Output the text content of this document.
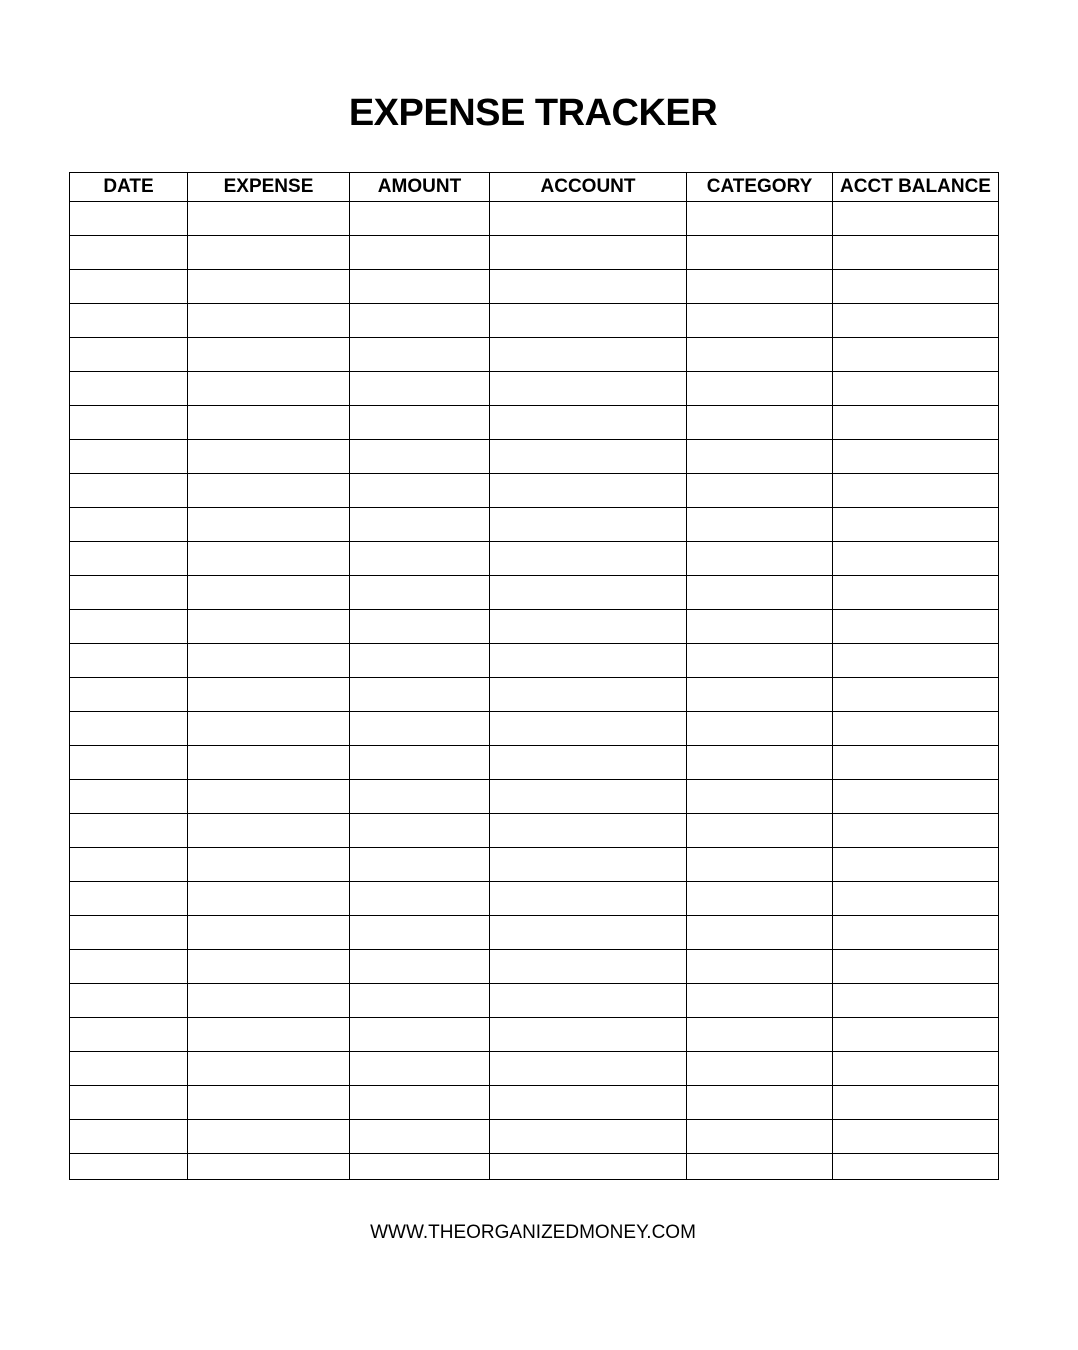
EXPENSE TRACKER
DATE	EXPENSE	AMOUNT	ACCOUNT	CATEGORY	ACCT BALANCE

WWW.THEORGANIZEDMONEY.COM
